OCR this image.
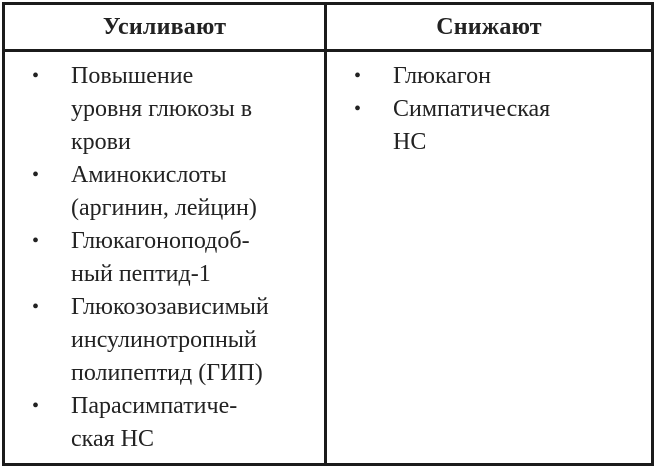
Усиливают	Снижают
• Повышение
уровня глюкозы в
крови
• Аминокислоты
(аргинин, лейцин)
• Глюкагоноподоб-
ный пептид-1
• Глюкозозависимый
инсулинотропный
полипептид (ГИП)
• Парасимпатиче-
ская НС
• Глюкагон
• Симпатическая
НС
